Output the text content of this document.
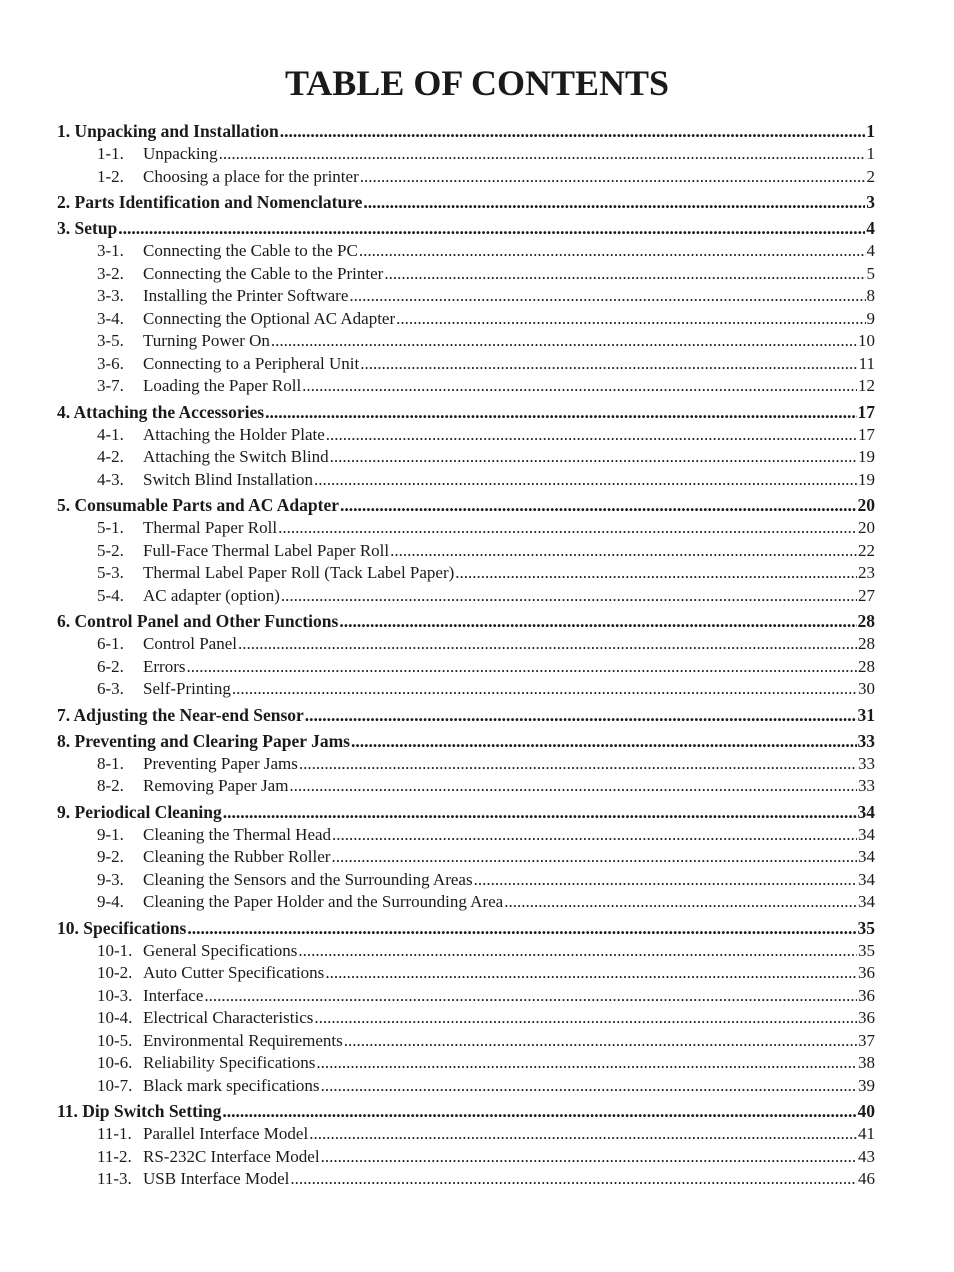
TABLE OF CONTENTS
1. Unpacking and Installation .....	1
1-1. Unpacking .....	1
1-2. Choosing a place for the printer .....	2
2. Parts Identification and Nomenclature .....	3
3. Setup .....	4
3-1. Connecting the Cable to the PC .....	4
3-2. Connecting the Cable to the Printer .....	5
3-3. Installing the Printer Software .....	8
3-4. Connecting the Optional AC Adapter .....	9
3-5. Turning Power On .....	10
3-6. Connecting to a Peripheral Unit .....	11
3-7. Loading the Paper Roll .....	12
4. Attaching the Accessories .....	17
4-1. Attaching the Holder Plate .....	17
4-2. Attaching the Switch Blind .....	19
4-3. Switch Blind Installation .....	19
5. Consumable Parts and AC Adapter .....	20
5-1. Thermal Paper Roll .....	20
5-2. Full-Face Thermal Label Paper Roll .....	22
5-3. Thermal Label Paper Roll (Tack Label Paper) .....	23
5-4. AC adapter (option) .....	27
6. Control Panel and Other Functions .....	28
6-1. Control Panel .....	28
6-2. Errors .....	28
6-3. Self-Printing .....	30
7. Adjusting the Near-end Sensor .....	31
8. Preventing and Clearing Paper Jams .....	33
8-1. Preventing Paper Jams .....	33
8-2. Removing Paper Jam .....	33
9. Periodical Cleaning .....	34
9-1. Cleaning the Thermal Head .....	34
9-2. Cleaning the Rubber Roller .....	34
9-3. Cleaning the Sensors and the Surrounding Areas .....	34
9-4. Cleaning the Paper Holder and the Surrounding Area .....	34
10. Specifications .....	35
10-1. General Specifications .....	35
10-2. Auto Cutter Specifications .....	36
10-3. Interface .....	36
10-4. Electrical Characteristics .....	36
10-5. Environmental Requirements .....	37
10-6. Reliability Specifications .....	38
10-7. Black mark specifications .....	39
11. Dip Switch Setting .....	40
11-1. Parallel Interface Model .....	41
11-2. RS-232C Interface Model .....	43
11-3. USB Interface Model .....	46
